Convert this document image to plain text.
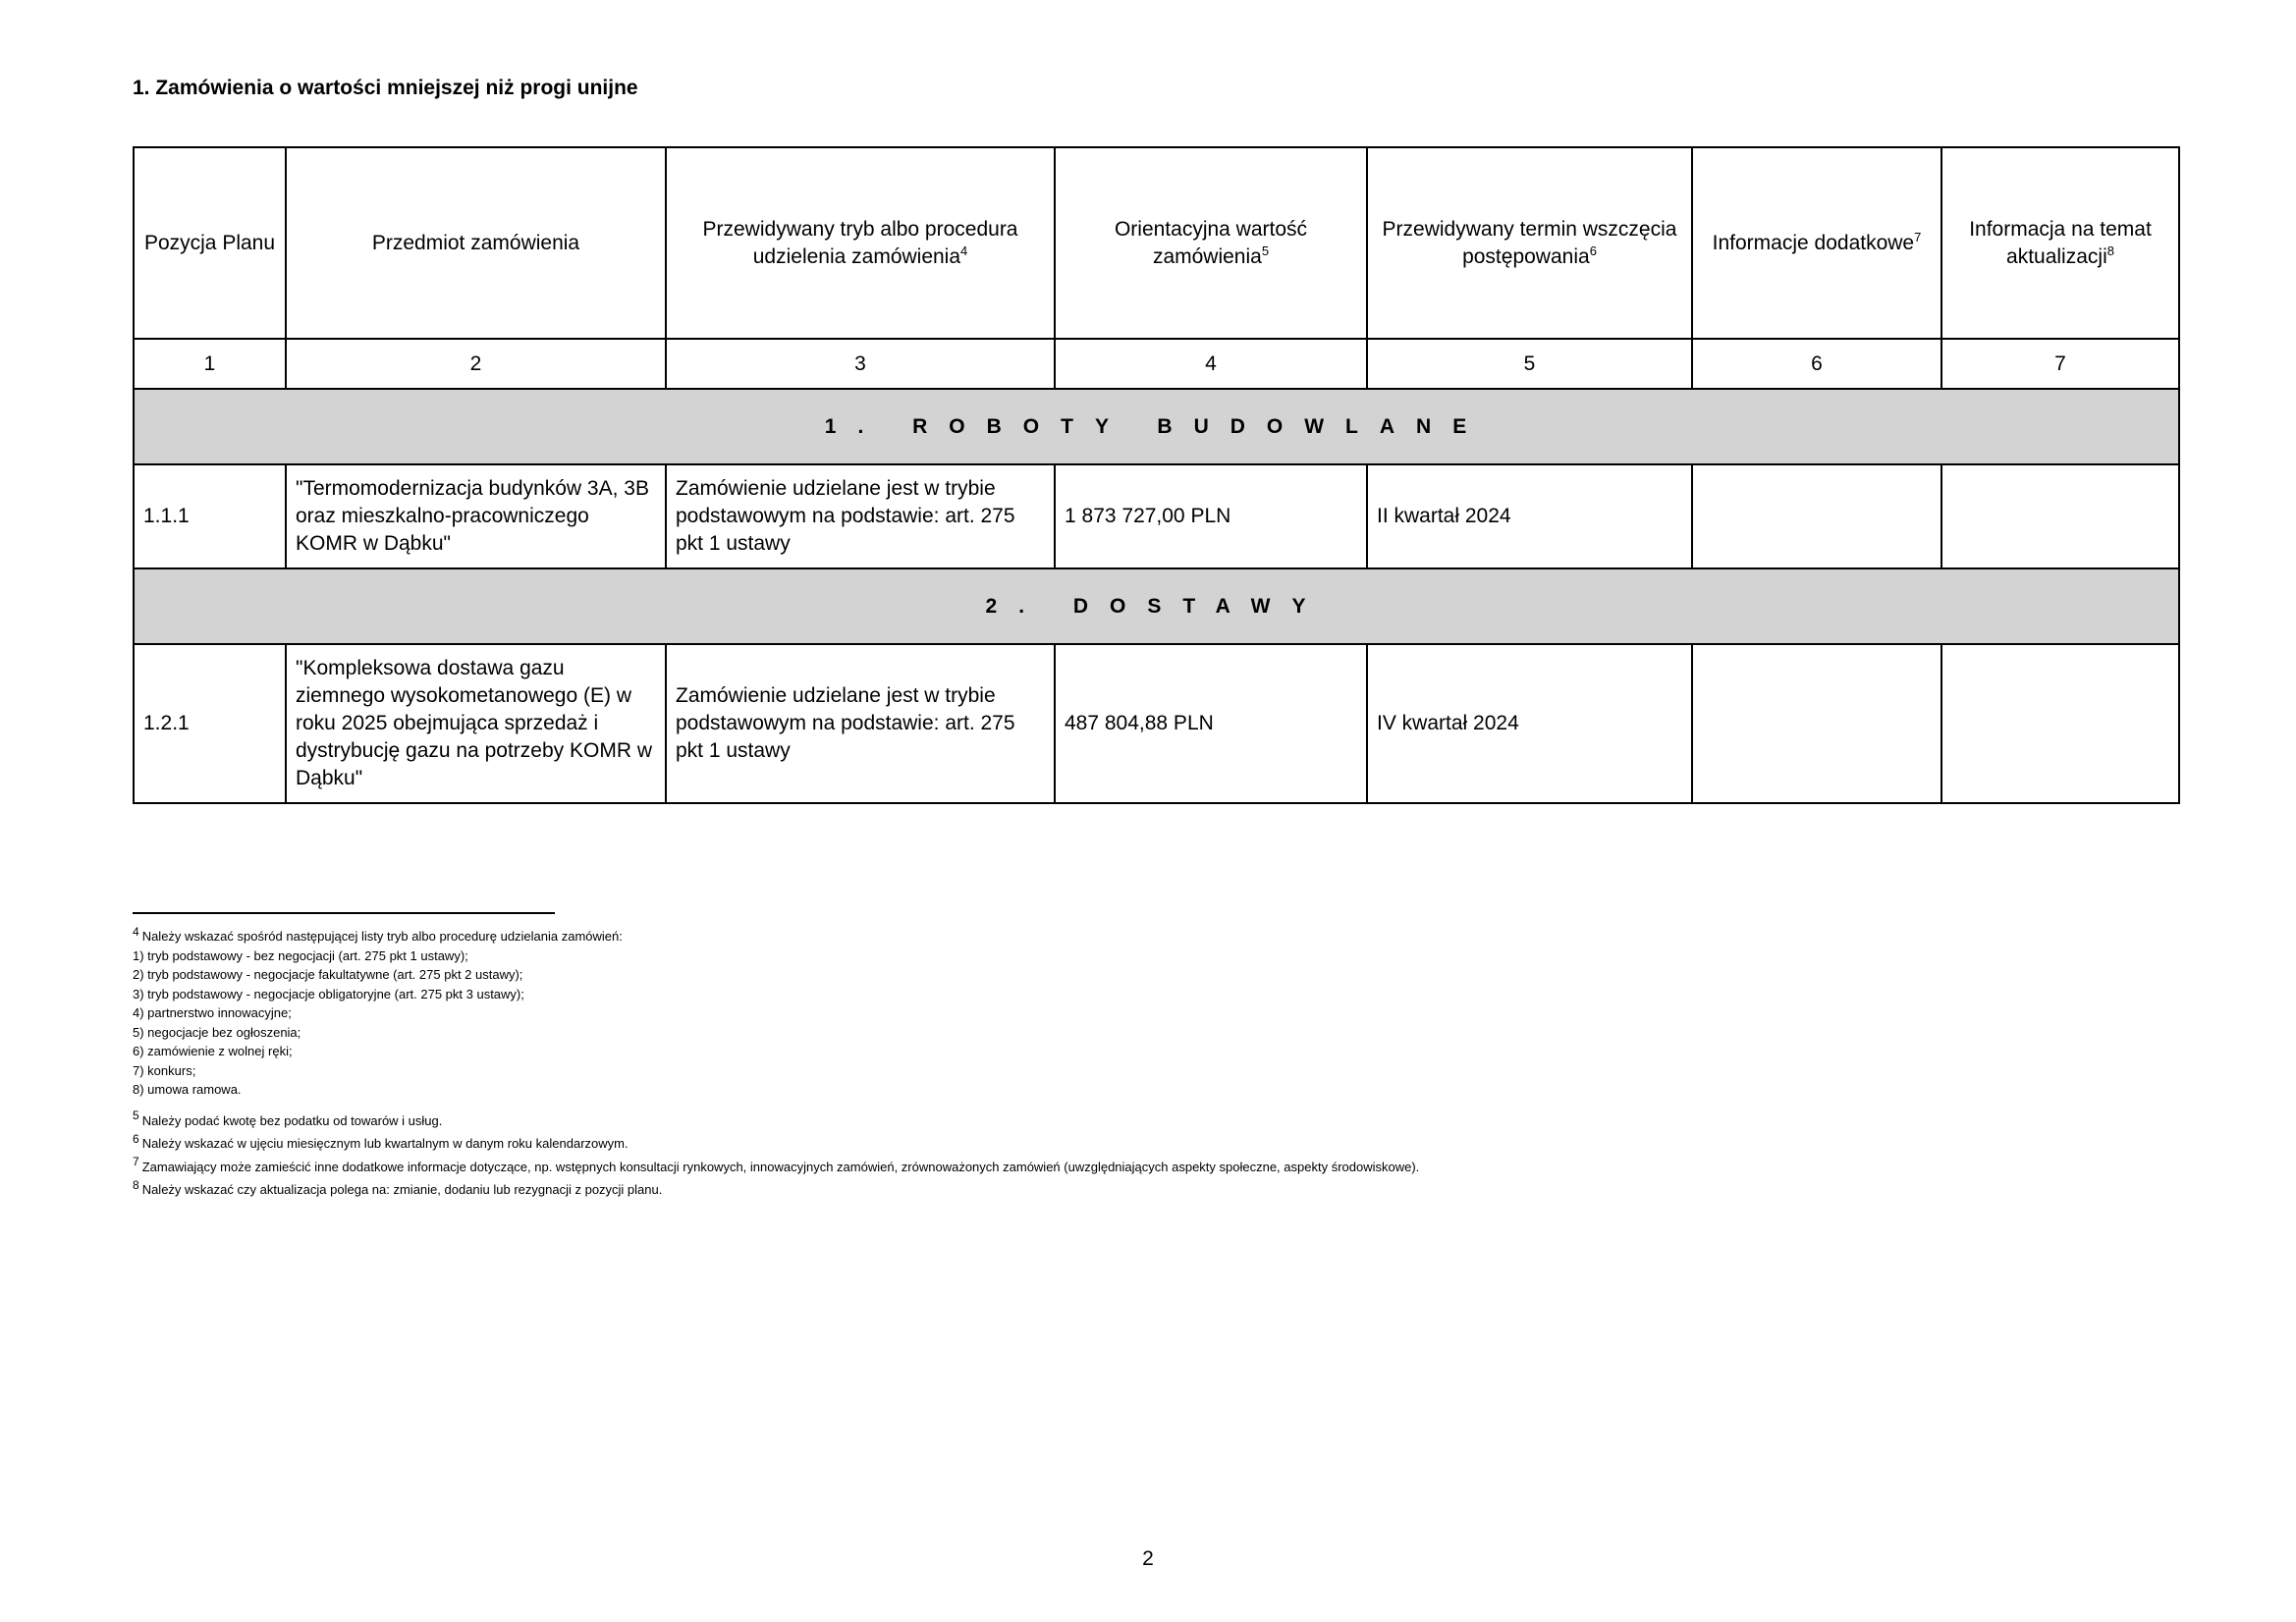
1. Zamówienia o wartości mniejszej niż progi unijne
Pozycja Planu	Przedmiot zamówienia	Przewidywany tryb albo procedura udzielenia zamówienia$^4$	Orientacyjna wartość zamówienia$^5$	Przewidywany termin wszczęcia postępowania$^6$	Informacje dodatkowe$^7$	Informacja na temat aktualizacji$^8$
1	2	3	4	5	6	7
1. ROBOTY BUDOWLANE						
1.1.1	"Termomodernizacja budynków 3A, 3B oraz mieszkalno-pracowniczego KOMR w Dąbku"	Zamówienie udzielane jest w trybie podstawowym na podstawie: art. 275 pkt 1 ustawy	1 873 727,00 PLN	II kwartał 2024		
2. DOSTAWY						
1.2.1	"Kompleksowa dostawa gazu ziemnego wysokometanowego (E) w roku 2025 obejmująca sprzedaż i dystrybucję gazu na potrzeby KOMR w Dąbku"	Zamówienie udzielane jest w trybie podstawowym na podstawie: art. 275 pkt 1 ustawy	487 804,88 PLN	IV kwartał 2024		

4 Należy wskazać spośród następującej listy tryb albo procedurę udzielania zamówień:

1) tryb podstawowy - bez negocjacji (art. 275 pkt 1 ustawy);

2) tryb podstawowy - negocjacje fakultatywne (art. 275 pkt 2 ustawy);

3) tryb podstawowy - negocjacje obligatoryjne (art. 275 pkt 3 ustawy);

4) partnerstwo innowacyjne;

5) negocjacje bez ogłoszenia;

6) zamówienie z wolnej ręki;

7) konkurs;

8) umowa ramowa.

5 Należy podać kwotę bez podatku od towarów i usług.

6 Należy wskazać w ujęciu miesięcznym lub kwartalnym w danym roku kalendarzowym.

7 Zamawiający może zamieścić inne dodatkowe informacje dotyczące, np. wstępnych konsultacji rynkowych, innowacyjnych zamówień, zrównoważonych zamówień (uwzględniających aspekty społeczne, aspekty środowiskowe).

8 Należy wskazać czy aktualizacja polega na: zmianie, dodaniu lub rezygnacji z pozycji planu.

2
